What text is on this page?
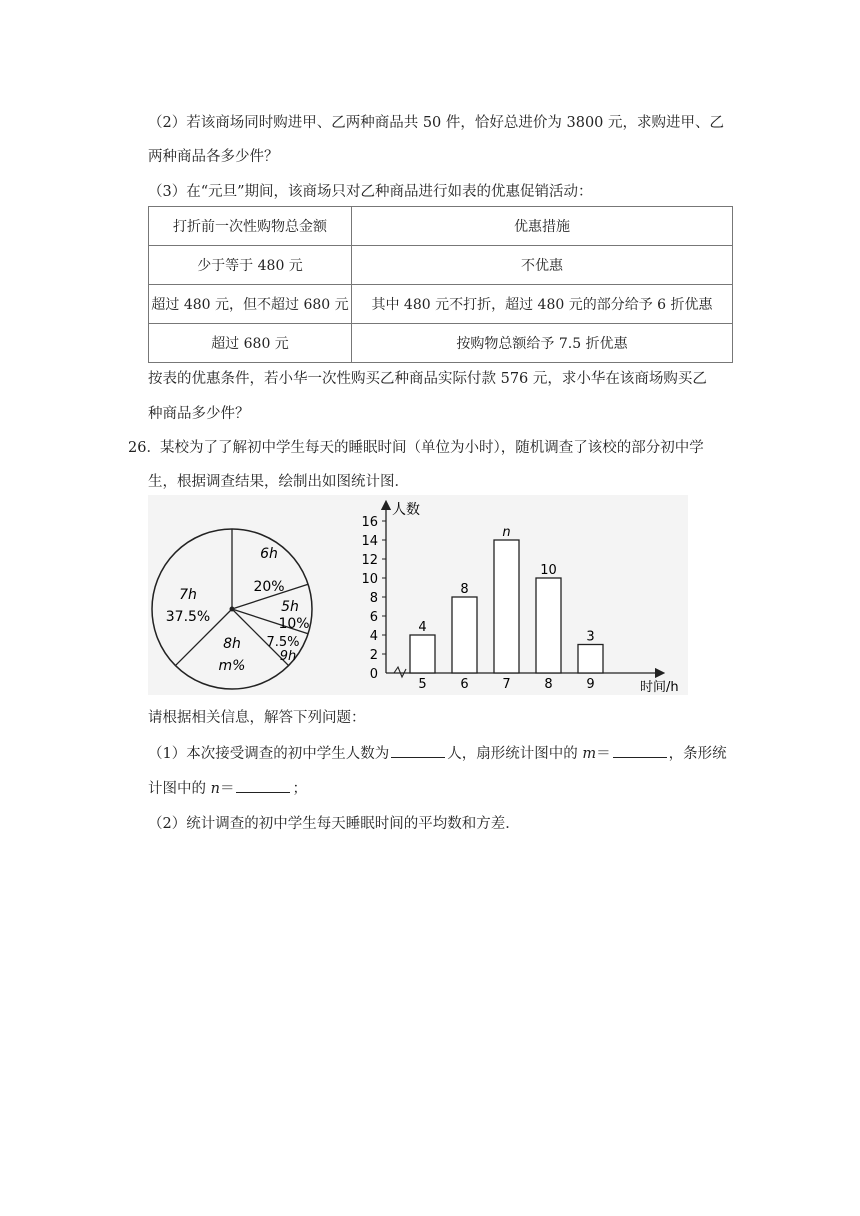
（2）若该商场同时购进甲、乙两种商品共 50 件，恰好总进价为 3800 元，求购进甲、乙
两种商品各多少件？
（3）在“元旦”期间，该商场只对乙种商品进行如表的优惠促销活动：
打折前一次性购物总金额	优惠措施
少于等于 480 元	不优惠
超过 480 元，但不超过 680 元	其中 480 元不打折，超过 480 元的部分给予 6 折优惠
超过 680 元	按购物总额给予 7.5 折优惠
按表的优惠条件，若小华一次性购买乙种商品实际付款 576 元，求小华在该商场购买乙
种商品多少件？
26． 某校为了了解初中学生每天的睡眠时间（单位为小时），随机调查了该校的部分初中学
生，根据调查结果，绘制出如图统计图．
6h
20%
5h
10%
7.5%
9h
8h
m%
7h
37.5%
人数
时间/h
0
2
4
6
8
10
12
14
16
4
5
8
6
n
7
10
8
3
9
请根据相关信息，解答下列问题：
（1）本次接受调查的初中学生人数为	人，扇形统计图中的 m＝	，条形统
计图中的 n＝	；
（2）统计调查的初中学生每天睡眠时间的平均数和方差．
